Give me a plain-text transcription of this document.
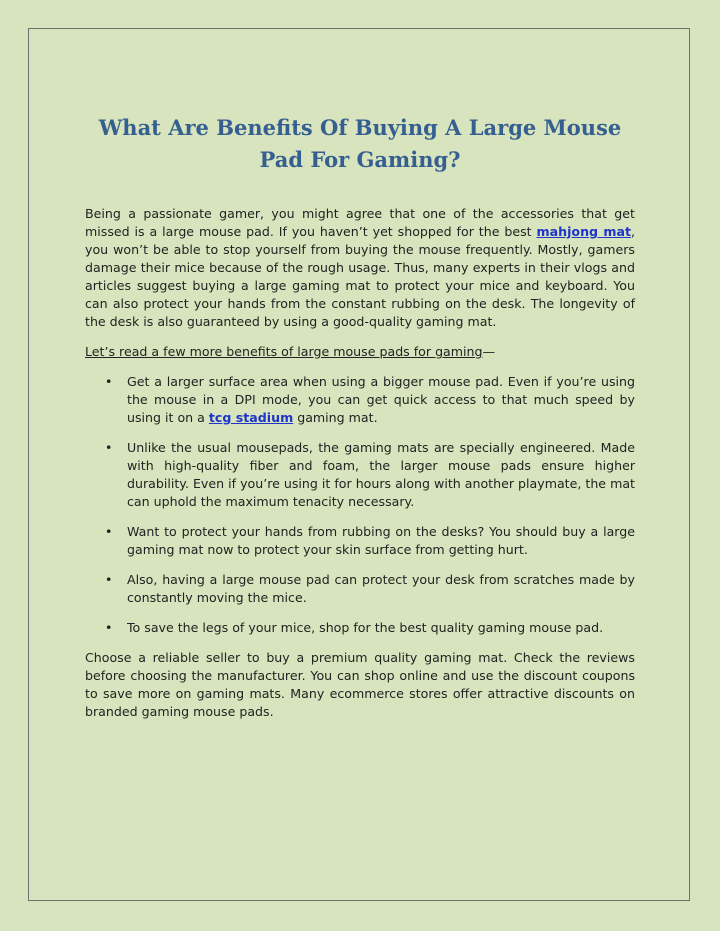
What Are Benefits Of Buying A Large Mouse Pad For Gaming?

Being a passionate gamer, you might agree that one of the accessories that get missed is a large mouse pad. If you haven’t yet shopped for the best mahjong mat, you won’t be able to stop yourself from buying the mouse frequently. Mostly, gamers damage their mice because of the rough usage. Thus, many experts in their vlogs and articles suggest buying a large gaming mat to protect your mice and keyboard. You can also protect your hands from the constant rubbing on the desk. The longevity of the desk is also guaranteed by using a good-quality gaming mat.

Let’s read a few more benefits of large mouse pads for gaming—

• Get a larger surface area when using a bigger mouse pad. Even if you’re using the mouse in a DPI mode, you can get quick access to that much speed by using it on a tcg stadium gaming mat.
• Unlike the usual mousepads, the gaming mats are specially engineered. Made with high-quality fiber and foam, the larger mouse pads ensure higher durability. Even if you’re using it for hours along with another playmate, the mat can uphold the maximum tenacity necessary.
• Want to protect your hands from rubbing on the desks? You should buy a large gaming mat now to protect your skin surface from getting hurt.
• Also, having a large mouse pad can protect your desk from scratches made by constantly moving the mice.
• To save the legs of your mice, shop for the best quality gaming mouse pad.

Choose a reliable seller to buy a premium quality gaming mat. Check the reviews before choosing the manufacturer. You can shop online and use the discount coupons to save more on gaming mats. Many ecommerce stores offer attractive discounts on branded gaming mouse pads.
